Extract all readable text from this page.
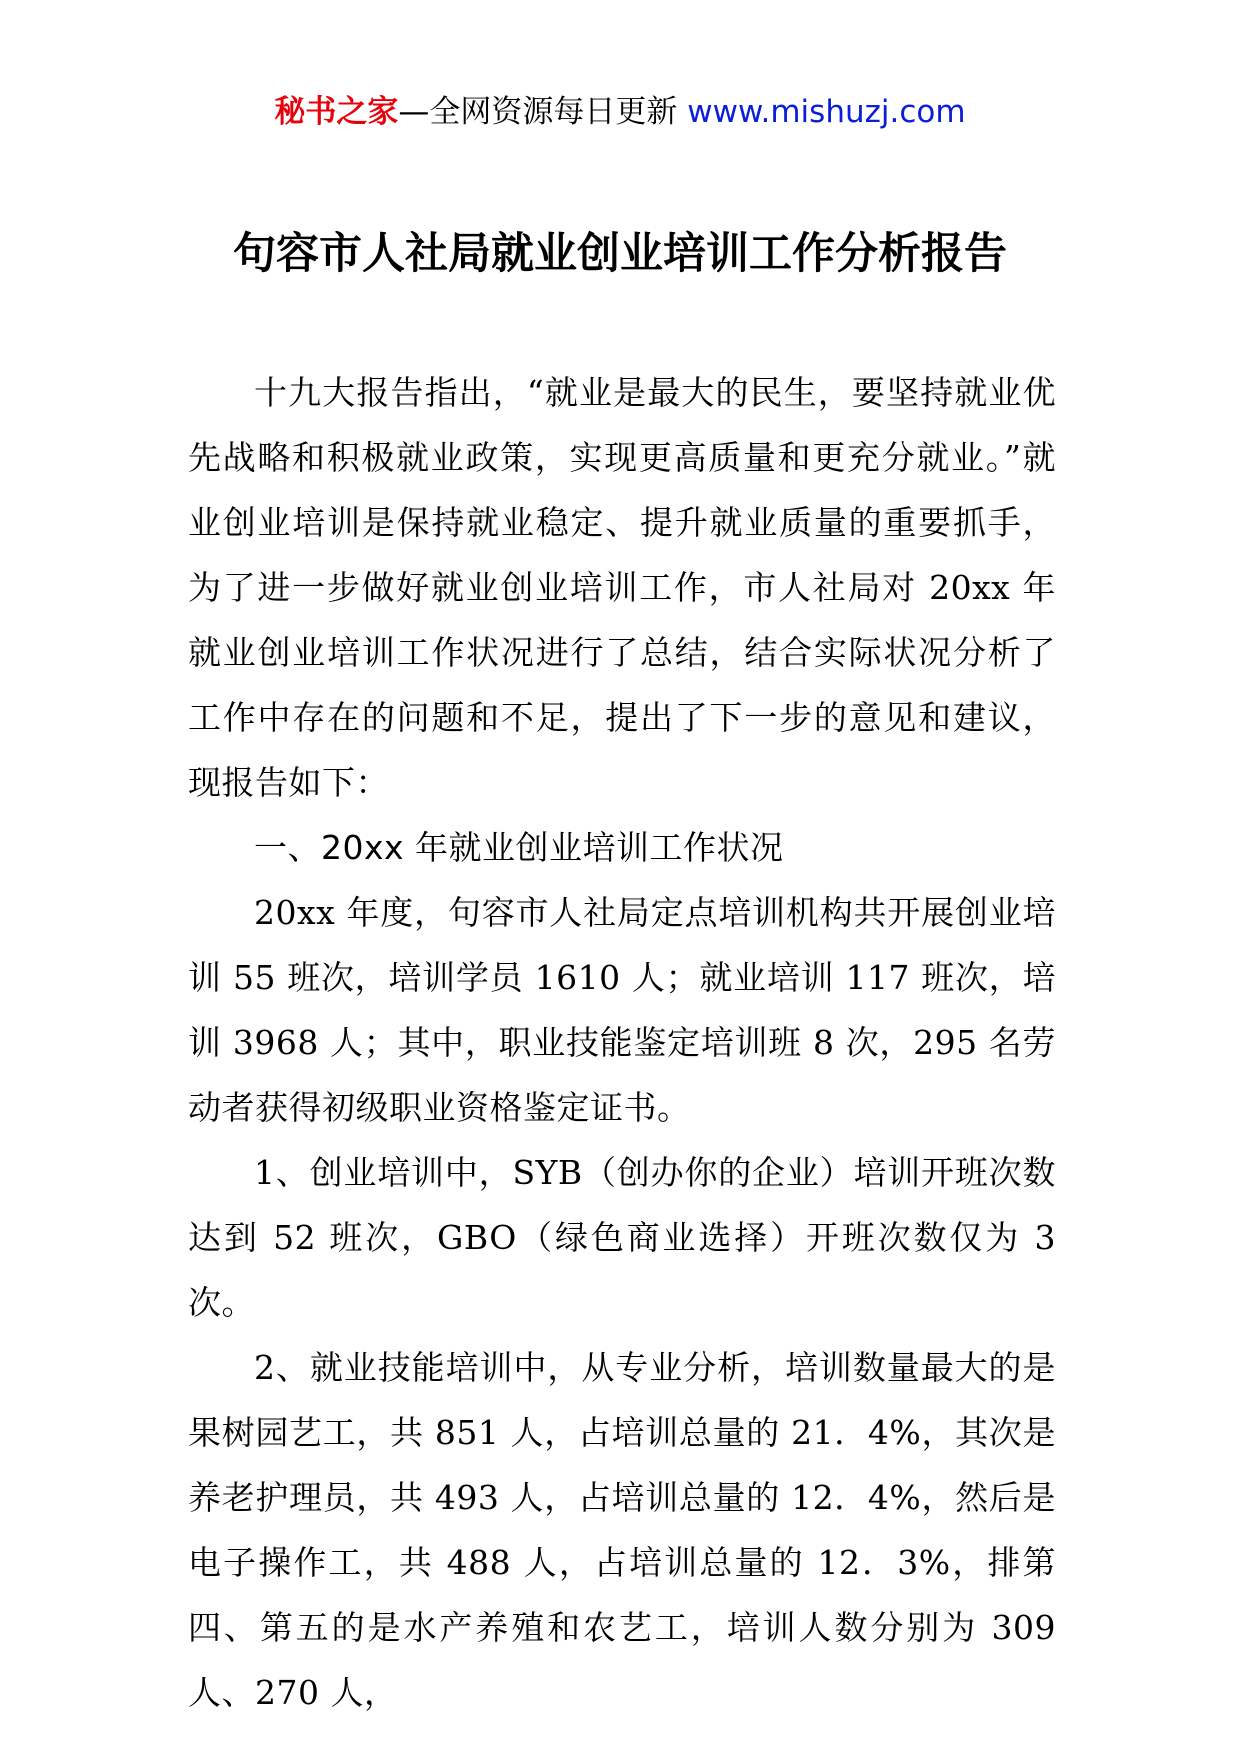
秘书之家—全网资源每日更新 www.mishuzj.com
句容市人社局就业创业培训工作分析报告

十九大报告指出，“就业是最大的民生，要坚持就业优先战略和积极就业政策，实现更高质量和更充分就业。”就业创业培训是保持就业稳定、提升就业质量的重要抓手，为了进一步做好就业创业培训工作，市人社局对 20xx 年就业创业培训工作状况进行了总结，结合实际状况分析了工作中存在的问题和不足，提出了下一步的意见和建议，现报告如下：

一、20xx 年就业创业培训工作状况

20xx 年度，句容市人社局定点培训机构共开展创业培训 55 班次，培训学员 1610 人；就业培训 117 班次，培训 3968 人；其中，职业技能鉴定培训班 8 次，295 名劳动者获得初级职业资格鉴定证书。

1、创业培训中，SYB（创办你的企业）培训开班次数达到 52 班次，GBO（绿色商业选择）开班次数仅为 3 次。

2、就业技能培训中，从专业分析，培训数量最大的是果树园艺工，共 851 人，占培训总量的 21．4%，其次是养老护理员，共 493 人，占培训总量的 12．4%，然后是电子操作工，共 488 人，占培训总量的 12．3%，排第四、第五的是水产养殖和农艺工，培训人数分别为 309 人、270 人，
